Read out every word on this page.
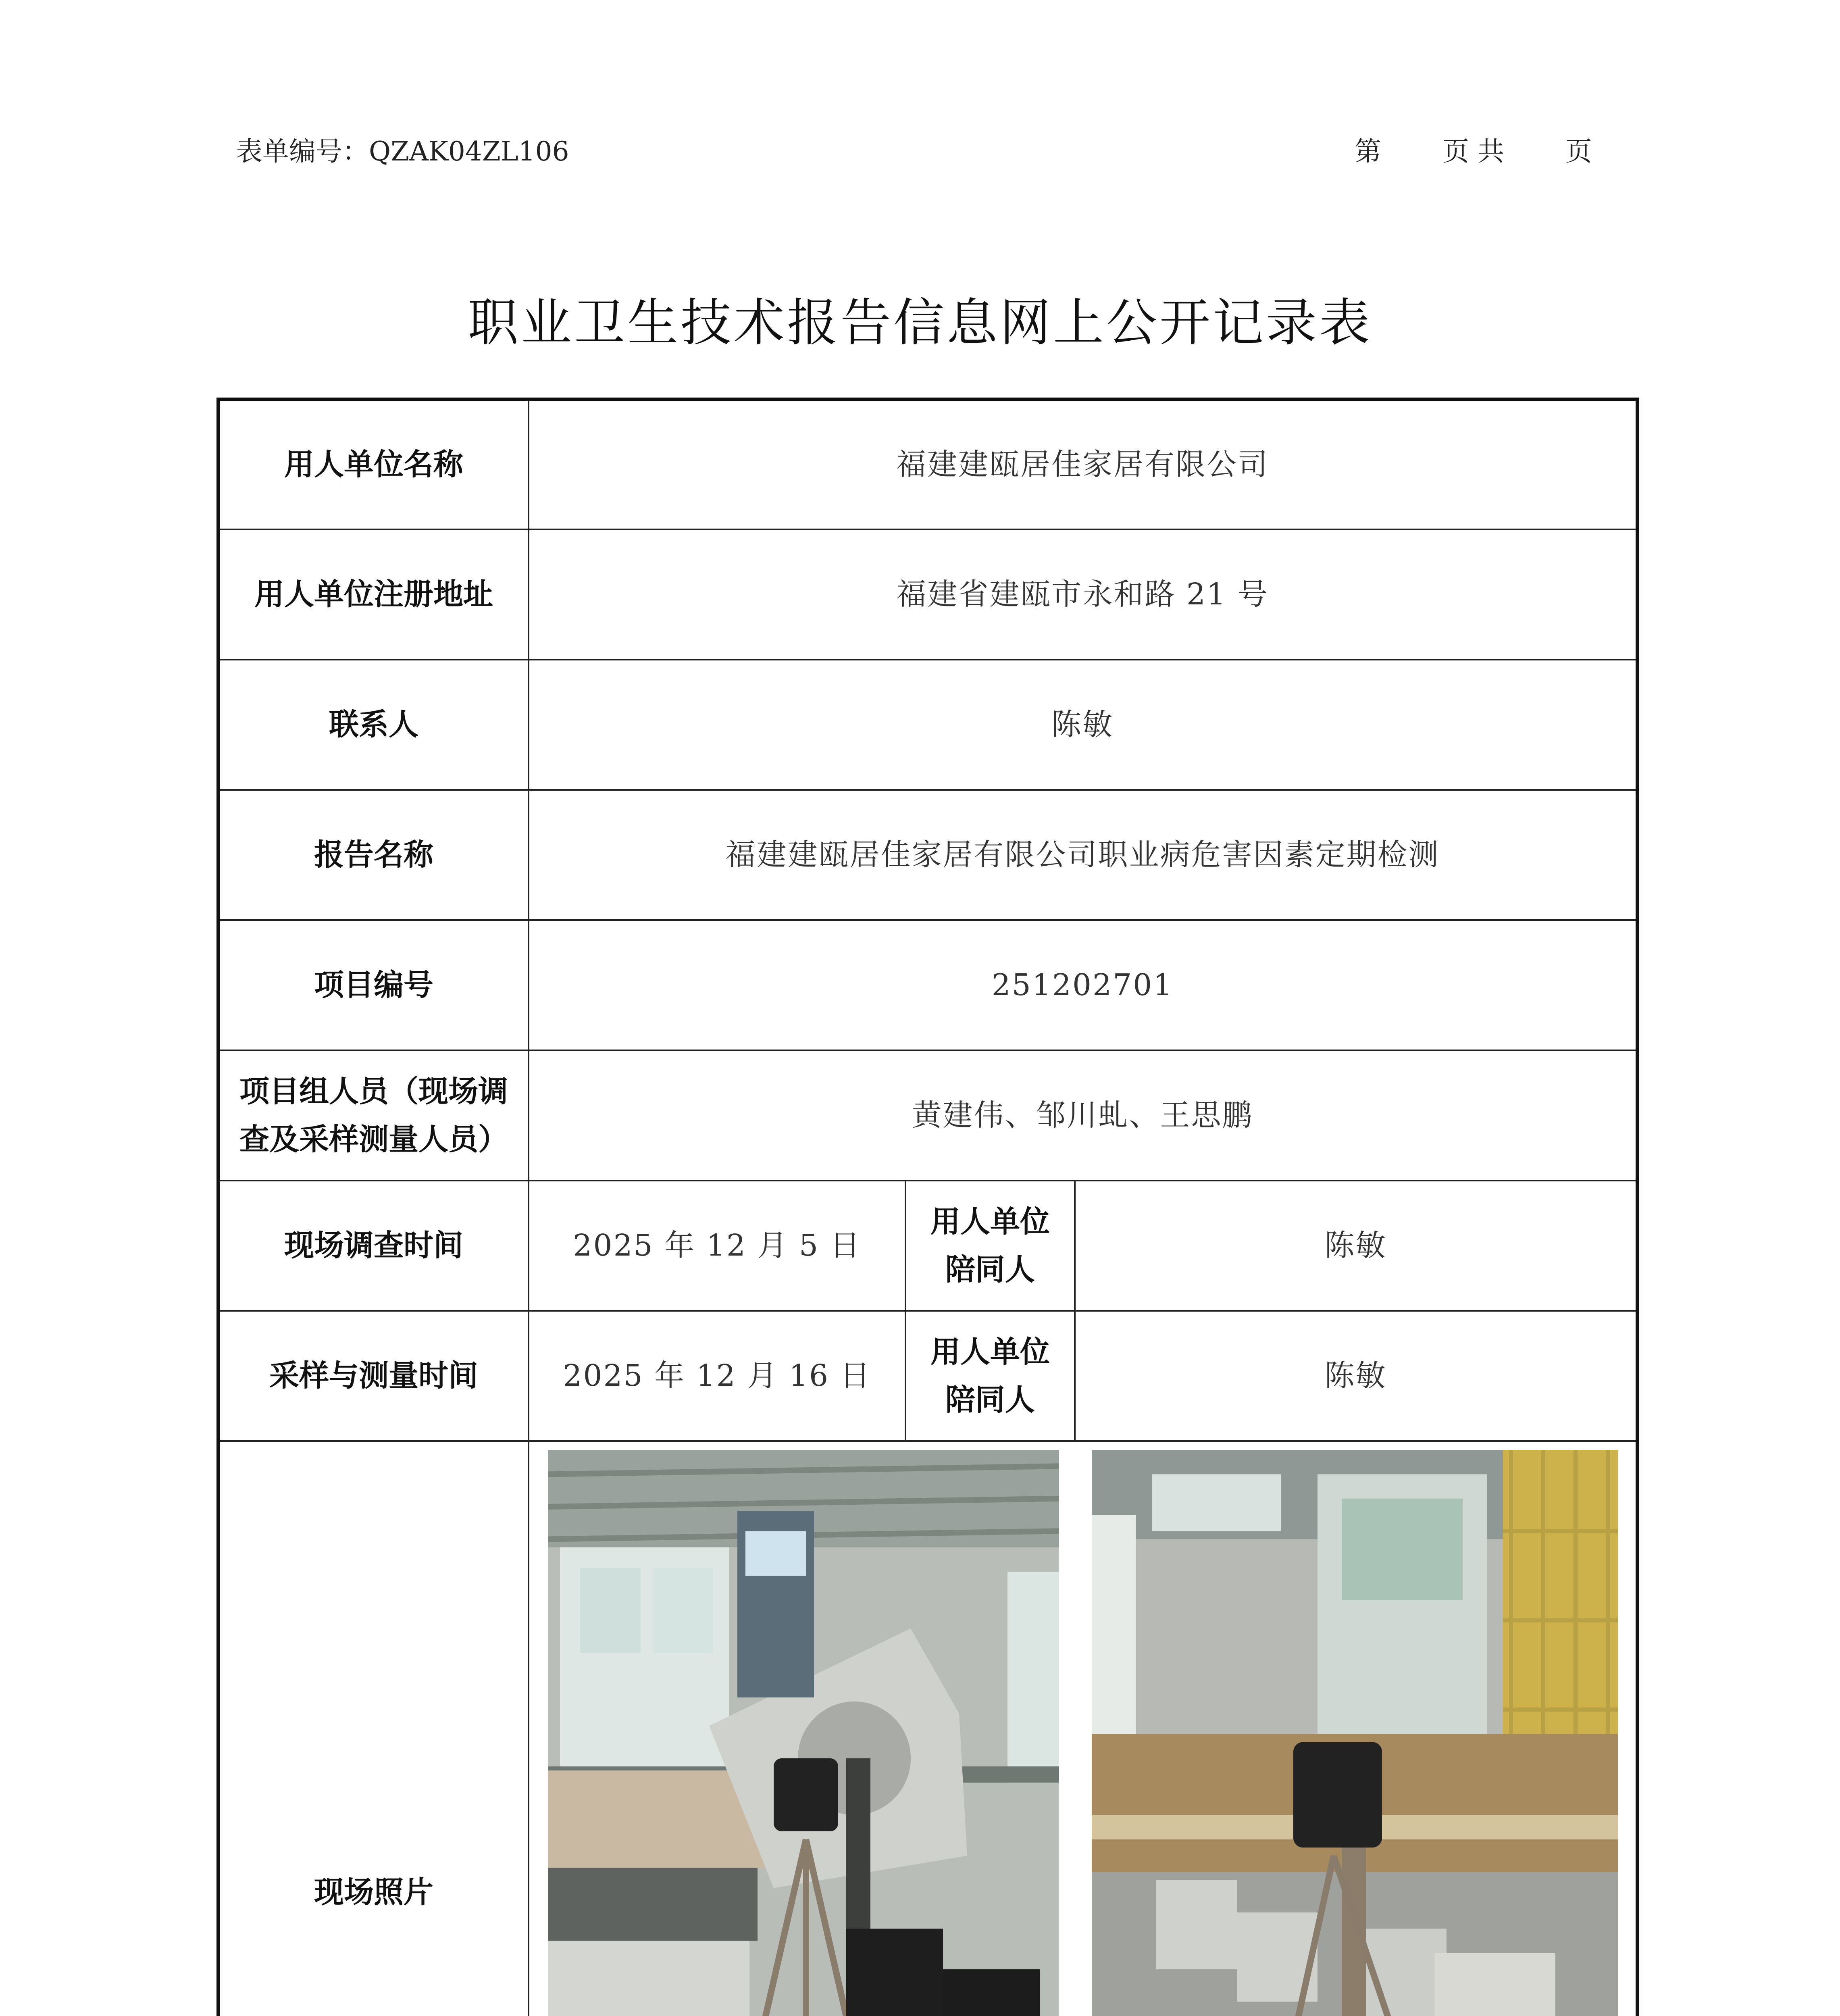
表单编号：QZAK04ZL106	第 页 共 页
职业卫生技术报告信息网上公开记录表
用人单位名称	福建建瓯居佳家居有限公司		
用人单位注册地址	福建省建瓯市永和路 21 号		
联系人	陈敏		
报告名称	福建建瓯居佳家居有限公司职业病危害因素定期检测		
项目编号	251202701		
项目组人员（现场调查及采样测量人员）	黄建伟、邹川虬、王思鹏		
现场调查时间	2025 年 12 月 5 日	用人单位陪同人	陈敏
采样与测量时间	2025 年 12 月 16 日	用人单位陪同人	陈敏
现场照片	
